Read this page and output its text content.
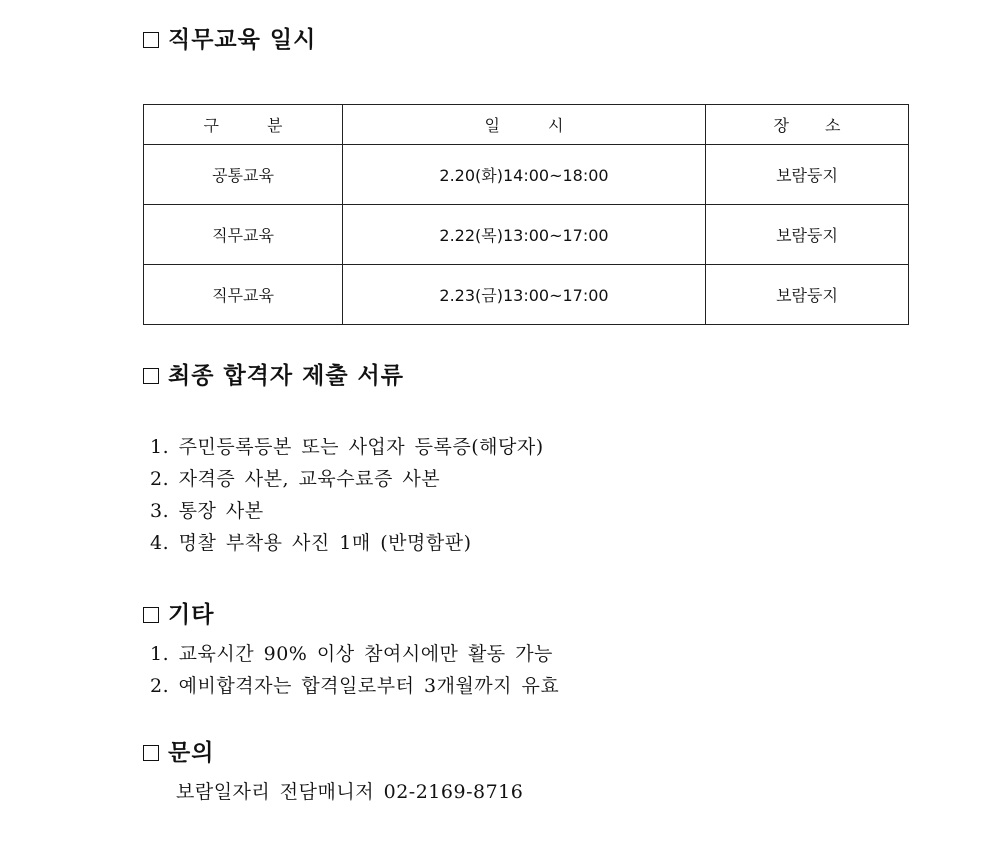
직무교육 일시
구분	일시	장소
공통교육	2.20(화)14:00~18:00	보람둥지
직무교육	2.22(목)13:00~17:00	보람둥지
직무교육	2.23(금)13:00~17:00	보람둥지
최종 합격자 제출 서류
1. 주민등록등본 또는 사업자 등록증(해당자)
2. 자격증 사본, 교육수료증 사본
3. 통장 사본
4. 명찰 부착용 사진 1매 (반명함판)
기타
1. 교육시간 90% 이상 참여시에만 활동 가능
2. 예비합격자는 합격일로부터 3개월까지 유효
문의
보람일자리 전담매니저 02-2169-8716
